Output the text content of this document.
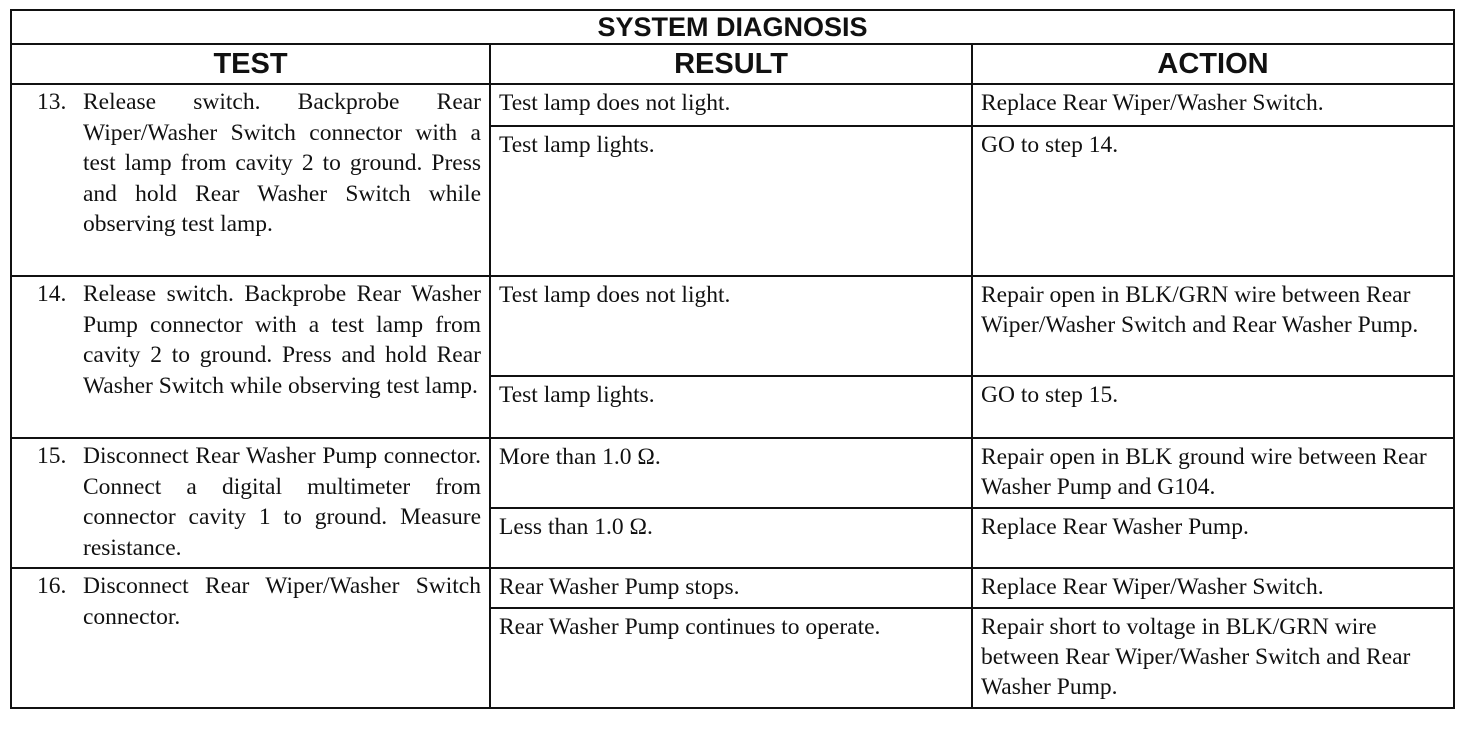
SYSTEM DIAGNOSIS		
TEST	RESULT	ACTION

13. Release switch. Backprobe Rear Wiper/Washer Switch connector with a test lamp from cavity 2 to ground. Press and hold Rear Washer Switch while observing test lamp.	Test lamp does not light.	Replace Rear Wiper/Washer Switch.
	Test lamp lights.	GO to step 14.

14. Release switch. Backprobe Rear Washer Pump connector with a test lamp from cavity 2 to ground. Press and hold Rear Washer Switch while observing test lamp.	Test lamp does not light.	Repair open in BLK/GRN wire between Rear Wiper/Washer Switch and Rear Washer Pump.
	Test lamp lights.	GO to step 15.

15. Disconnect Rear Washer Pump connector. Connect a digital multimeter from connector cavity 1 to ground. Measure resistance.	More than 1.0 Ω.	Repair open in BLK ground wire between Rear Washer Pump and G104.
	Less than 1.0 Ω.	Replace Rear Washer Pump.

16. Disconnect Rear Wiper/Washer Switch connector.	Rear Washer Pump stops.	Replace Rear Wiper/Washer Switch.
	Rear Washer Pump continues to operate.	Repair short to voltage in BLK/GRN wire between Rear Wiper/Washer Switch and Rear Washer Pump.
